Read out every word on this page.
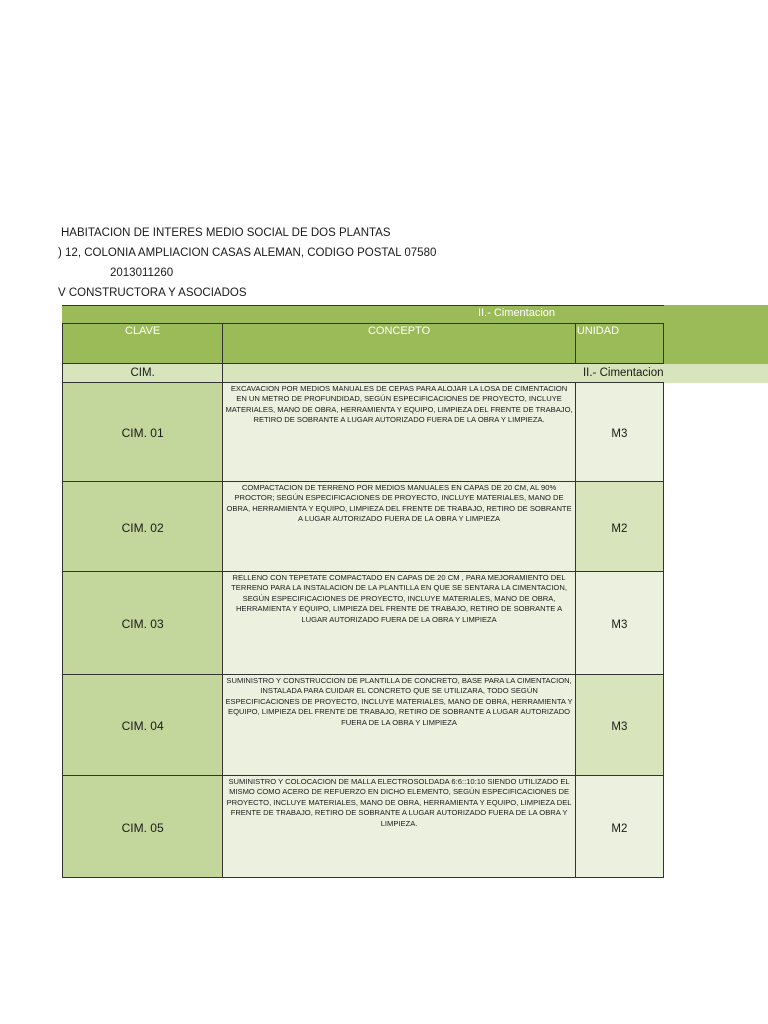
HABITACION DE INTERES MEDIO SOCIAL DE DOS PLANTAS
) 12, COLONIA AMPLIACION CASAS ALEMAN, CODIGO POSTAL 07580
2013011260
V CONSTRUCTORA Y ASOCIADOS
II.- Cimentacion
CLAVE	CONCEPTO	UNIDAD
CIM.	II.- Cimentacion	
CIM. 01	EXCAVACION POR MEDIOS MANUALES DE CEPAS PARA ALOJAR LA LOSA DE CIMENTACION EN UN METRO DE PROFUNDIDAD, SEGÚN ESPECIFICACIONES DE PROYECTO, INCLUYE MATERIALES, MANO DE OBRA, HERRAMIENTA Y EQUIPO, LIMPIEZA DEL FRENTE DE TRABAJO, RETIRO DE SOBRANTE A LUGAR AUTORIZADO FUERA DE LA OBRA Y LIMPIEZA.	M3
CIM. 02	COMPACTACION DE TERRENO POR MEDIOS MANUALES EN CAPAS DE 20 CM, AL 90% PROCTOR; SEGÚN ESPECIFICACIONES DE PROYECTO, INCLUYE MATERIALES, MANO DE OBRA, HERRAMIENTA Y EQUIPO, LIMPIEZA DEL FRENTE DE TRABAJO, RETIRO DE SOBRANTE A LUGAR AUTORIZADO FUERA DE LA OBRA Y LIMPIEZA	M2
CIM. 03	RELLENO CON TEPETATE COMPACTADO EN CAPAS DE 20 CM , PARA MEJORAMIENTO DEL TERRENO PARA LA INSTALACION DE LA PLANTILLA EN QUE SE SENTARA LA CIMENTACION, SEGÚN ESPECIFICACIONES DE PROYECTO, INCLUYE MATERIALES, MANO DE OBRA, HERRAMIENTA Y EQUIPO, LIMPIEZA DEL FRENTE DE TRABAJO, RETIRO DE SOBRANTE A LUGAR AUTORIZADO FUERA DE LA OBRA Y LIMPIEZA	M3
CIM. 04	SUMINISTRO Y CONSTRUCCION DE PLANTILLA DE CONCRETO, BASE PARA LA CIMENTACION, INSTALADA PARA CUIDAR EL CONCRETO QUE SE UTILIZARA, TODO SEGÚN ESPECIFICACIONES DE PROYECTO, INCLUYE MATERIALES, MANO DE OBRA, HERRAMIENTA Y EQUIPO, LIMPIEZA DEL FRENTE DE TRABAJO, RETIRO DE SOBRANTE A LUGAR AUTORIZADO FUERA DE LA OBRA Y LIMPIEZA	M3
CIM. 05	SUMINISTRO Y COLOCACION DE MALLA ELECTROSOLDADA 6:6::10:10 SIENDO UTILIZADO EL MISMO COMO ACERO DE REFUERZO EN DICHO ELEMENTO, SEGÚN ESPECIFICACIONES DE PROYECTO, INCLUYE MATERIALES, MANO DE OBRA, HERRAMIENTA Y EQUIPO, LIMPIEZA DEL FRENTE DE TRABAJO, RETIRO DE SOBRANTE A LUGAR AUTORIZADO FUERA DE LA OBRA Y LIMPIEZA.	M2
